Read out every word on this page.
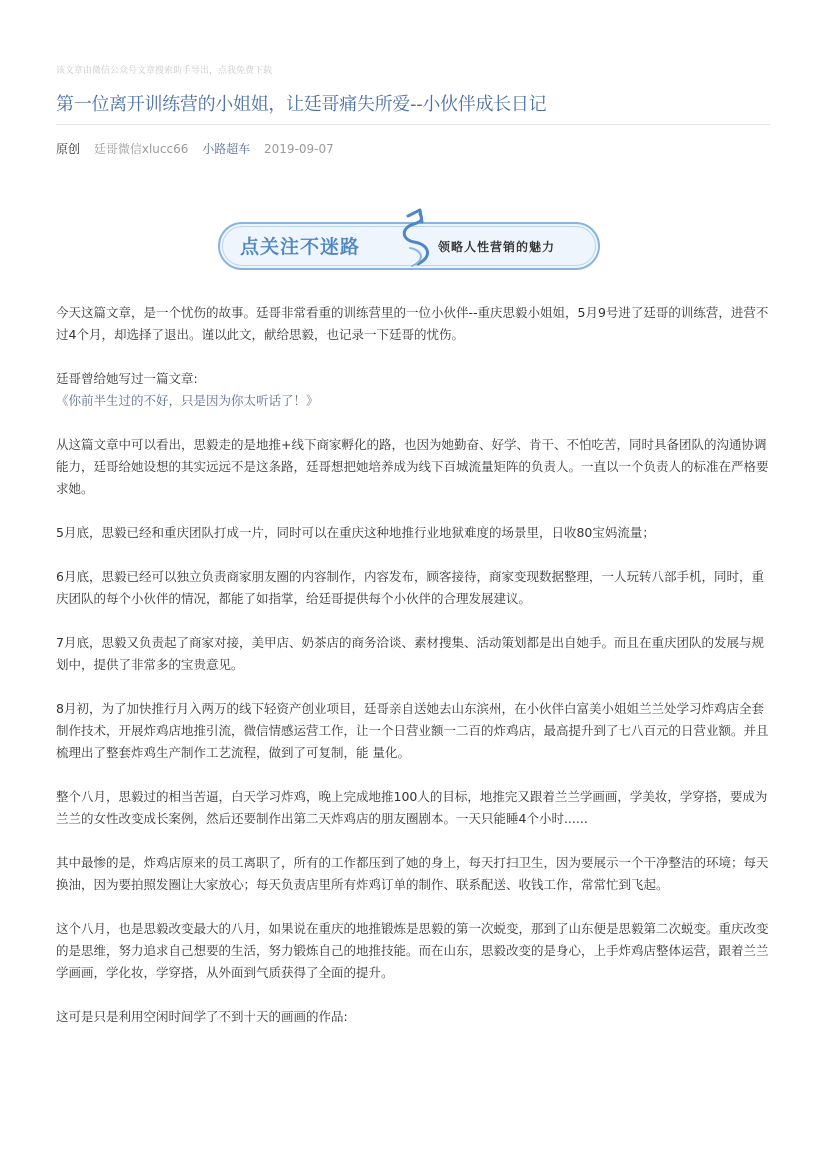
该文章由微信公众号文章搜索助手导出，点我免费下载
第一位离开训练营的小姐姐，让廷哥痛失所爱--小伙伴成长日记
原创 廷哥微信xlucc66 小路超车 2019-09-07
点关注不迷路	领略人性营销的魅力

今天这篇文章，是一个忧伤的故事。廷哥非常看重的训练营里的一位小伙伴--重庆思毅小姐姐，5月9号进了廷哥的训练营，进营不过4个月，却选择了退出。谨以此文，献给思毅，也记录一下廷哥的忧伤。

廷哥曾给她写过一篇文章:
《你前半生过的不好，只是因为你太听话了！》

从这篇文章中可以看出，思毅走的是地推+线下商家孵化的路，也因为她勤奋、好学、肯干、不怕吃苦，同时具备团队的沟通协调能力，廷哥给她设想的其实远远不是这条路，廷哥想把她培养成为线下百城流量矩阵的负责人。一直以一个负责人的标准在严格要求她。

5月底，思毅已经和重庆团队打成一片，同时可以在重庆这种地推行业地狱难度的场景里，日收80宝妈流量；

6月底，思毅已经可以独立负责商家朋友圈的内容制作，内容发布，顾客接待，商家变现数据整理，一人玩转八部手机，同时，重庆团队的每个小伙伴的情况，都能了如指掌，给廷哥提供每个小伙伴的合理发展建议。

7月底，思毅又负责起了商家对接，美甲店、奶茶店的商务洽谈、素材搜集、活动策划都是出自她手。而且在重庆团队的发展与规划中，提供了非常多的宝贵意见。

8月初，为了加快推行月入两万的线下轻资产创业项目，廷哥亲自送她去山东滨州，在小伙伴白富美小姐姐兰兰处学习炸鸡店全套制作技术，开展炸鸡店地推引流，微信情感运营工作，让一个日营业额一二百的炸鸡店，最高提升到了七八百元的日营业额。并且梳理出了整套炸鸡生产制作工艺流程，做到了可复制，能 量化。

整个八月，思毅过的相当苦逼，白天学习炸鸡，晚上完成地推100人的目标，地推完又跟着兰兰学画画，学美妆，学穿搭，要成为兰兰的女性改变成长案例，然后还要制作出第二天炸鸡店的朋友圈剧本。一天只能睡4个小时......

其中最惨的是，炸鸡店原来的员工离职了，所有的工作都压到了她的身上，每天打扫卫生，因为要展示一个干净整洁的环境；每天换油，因为要拍照发圈让大家放心；每天负责店里所有炸鸡订单的制作、联系配送、收钱工作，常常忙到飞起。

这个八月，也是思毅改变最大的八月，如果说在重庆的地推锻炼是思毅的第一次蜕变，那到了山东便是思毅第二次蜕变。重庆改变的是思维，努力追求自己想要的生活，努力锻炼自己的地推技能。而在山东，思毅改变的是身心，上手炸鸡店整体运营，跟着兰兰学画画，学化妆，学穿搭，从外面到气质获得了全面的提升。

这可是只是利用空闲时间学了不到十天的画画的作品:
